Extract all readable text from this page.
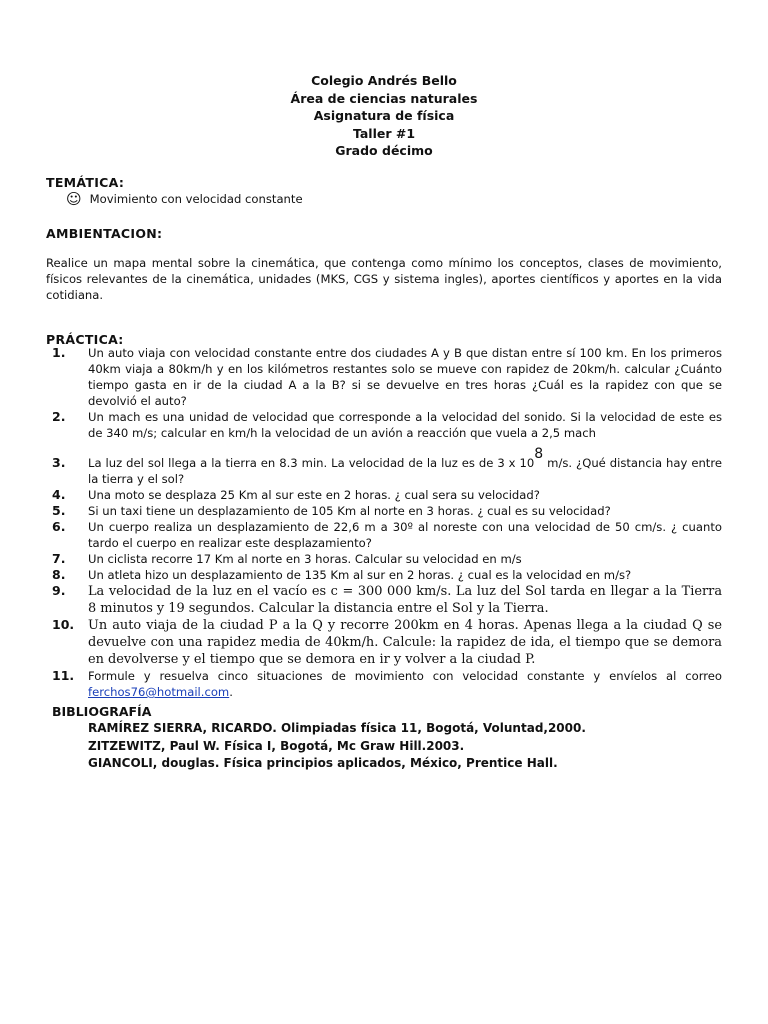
Colegio Andrés Bello
Área de ciencias naturales
Asignatura de física
Taller #1
Grado décimo
TEMÁTICA:
☺ Movimiento con velocidad constante
AMBIENTACION:
Realice un mapa mental sobre la cinemática, que contenga como mínimo los conceptos, clases de movimiento, físicos relevantes de la cinemática, unidades (MKS, CGS y sistema ingles), aportes científicos y aportes en la vida cotidiana.
PRÁCTICA:
1. Un auto viaja con velocidad constante entre dos ciudades A y B que distan entre sí 100 km. En los primeros 40km viaja a 80km/h y en los kilómetros restantes solo se mueve con rapidez de 20km/h. calcular ¿Cuánto tiempo gasta en ir de la ciudad A a la B? si se devuelve en tres horas ¿Cuál es la rapidez con que se devolvió el auto?
2. Un mach es una unidad de velocidad que corresponde a la velocidad del sonido. Si la velocidad de este es de 340 m/s; calcular en km/h la velocidad de un avión a reacción que vuela a 2,5 mach
3. La luz del sol llega a la tierra en 8.3 min. La velocidad de la luz es de 3 x $10^8$ m/s. ¿Qué distancia hay entre la tierra y el sol?
4. Una moto se desplaza 25 Km al sur este en 2 horas. ¿ cual sera su velocidad?
5. Si un taxi tiene un desplazamiento de 105 Km al norte en 3 horas. ¿ cual es su velocidad?
6. Un cuerpo realiza un desplazamiento de 22,6 m a 30º al noreste con una velocidad de 50 cm/s. ¿ cuanto tardo el cuerpo en realizar este desplazamiento?
7. Un ciclista recorre 17 Km al norte en 3 horas. Calcular su velocidad en m/s
8. Un atleta hizo un desplazamiento de 135 Km al sur en 2 horas. ¿ cual es la velocidad en m/s?
9. La velocidad de la luz en el vacío es c = 300 000 km/s. La luz del Sol tarda en llegar a la Tierra 8 minutos y 19 segundos. Calcular la distancia entre el Sol y la Tierra.
10. Un auto viaja de la ciudad P a la Q y recorre 200km en 4 horas. Apenas llega a la ciudad Q se devuelve con una rapidez media de 40km/h. Calcule: la rapidez de ida, el tiempo que se demora en devolverse y el tiempo que se demora en ir y volver a la ciudad P.
11. Formule y resuelva cinco situaciones de movimiento con velocidad constante y envíelos al correo ferchos76@hotmail.com.
BIBLIOGRAFÍA
RAMÍREZ SIERRA, RICARDO. Olimpiadas física 11, Bogotá, Voluntad,2000.
ZITZEWITZ, Paul W. Física I, Bogotá, Mc Graw Hill.2003.
GIANCOLI, douglas. Física principios aplicados, México, Prentice Hall.
